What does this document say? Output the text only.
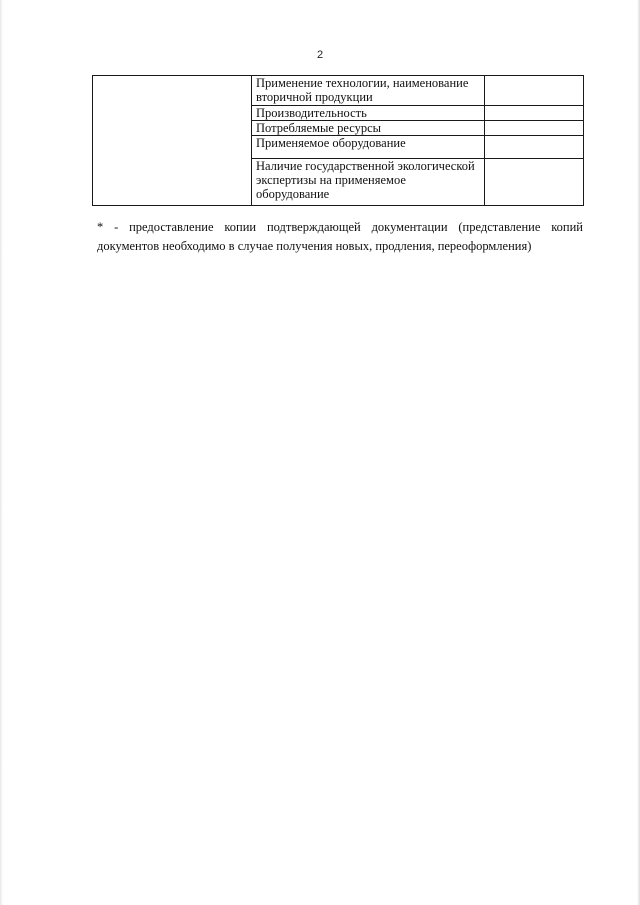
2
	Применение технологии, наименование вторичной продукции	
	Производительность	
	Потребляемые ресурсы	
	Применяемое оборудование	
	Наличие государственной экологической экспертизы на применяемое оборудование	
* - предоставление копии подтверждающей документации (представление копий документов необходимо в случае получения новых, продления, переоформления)
